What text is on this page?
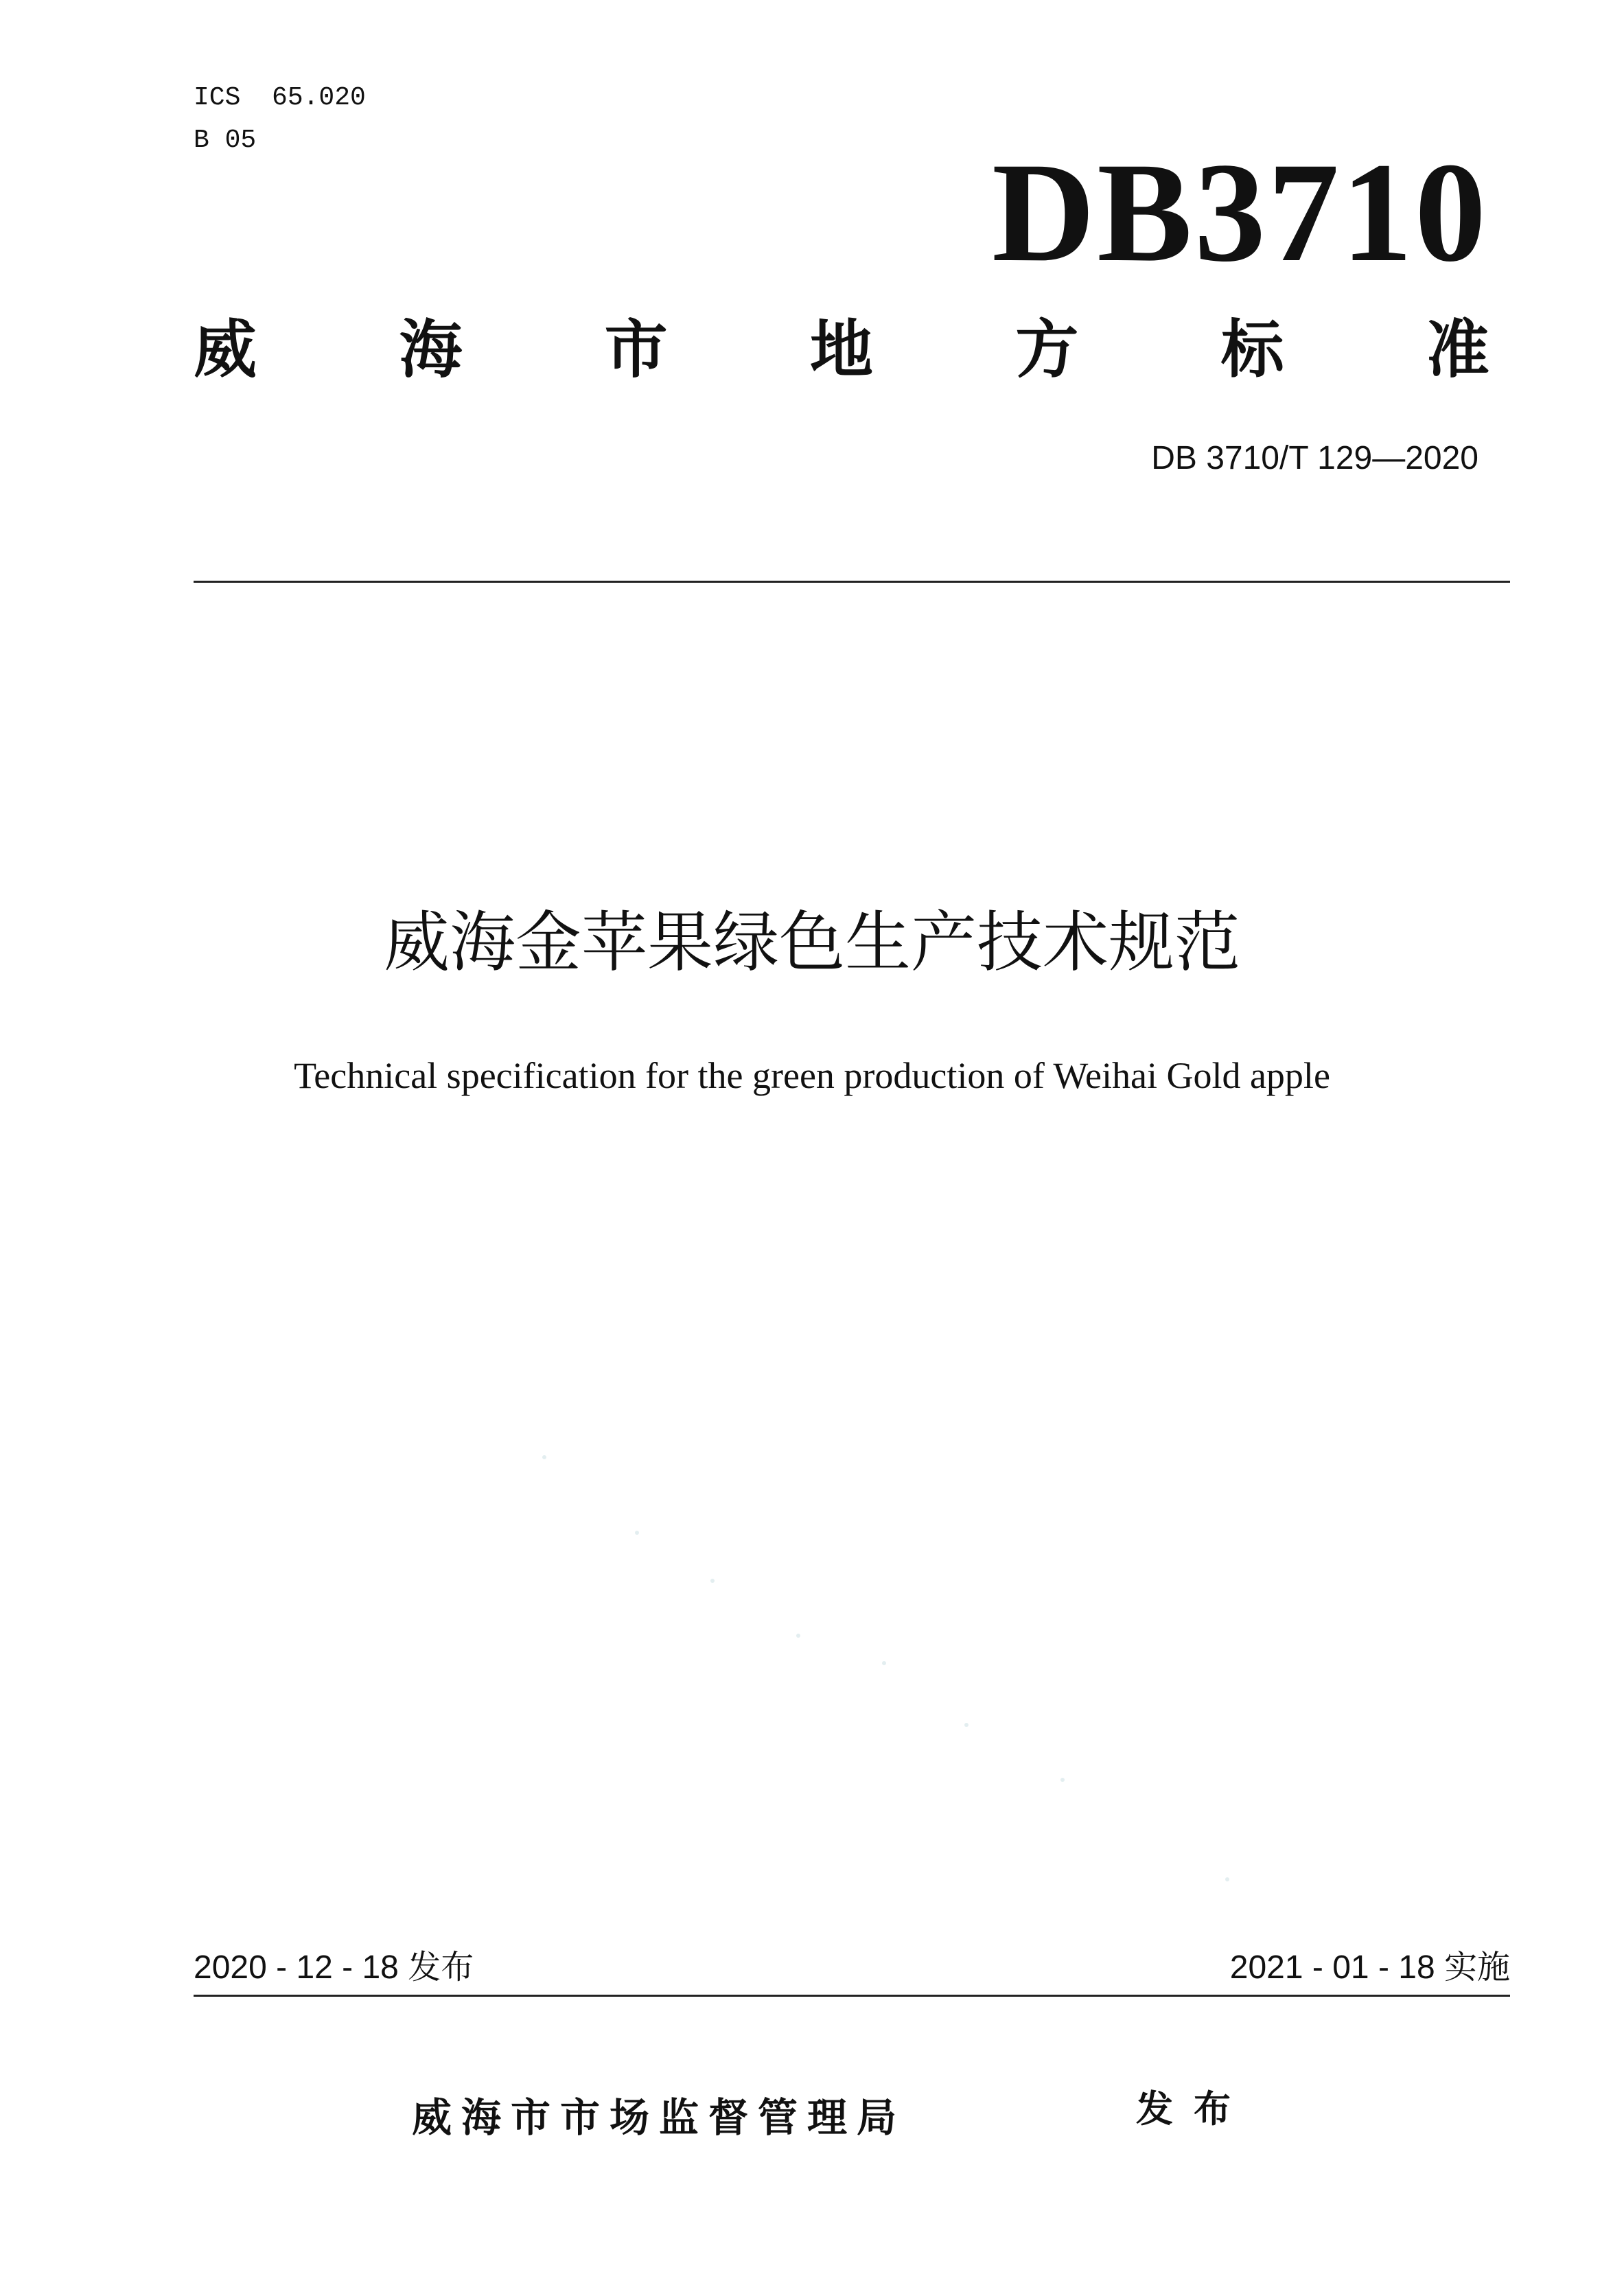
ICS  65.020
B 05	DB3710
威 海 市 地 方 标 准
DB 3710/T 129—2020
威海金苹果绿色生产技术规范
Technical specification for the green production of Weihai Gold apple
2020 - 12 - 18 发布	2021 - 01 - 18 实施
威海市市场监督管理局	发布
